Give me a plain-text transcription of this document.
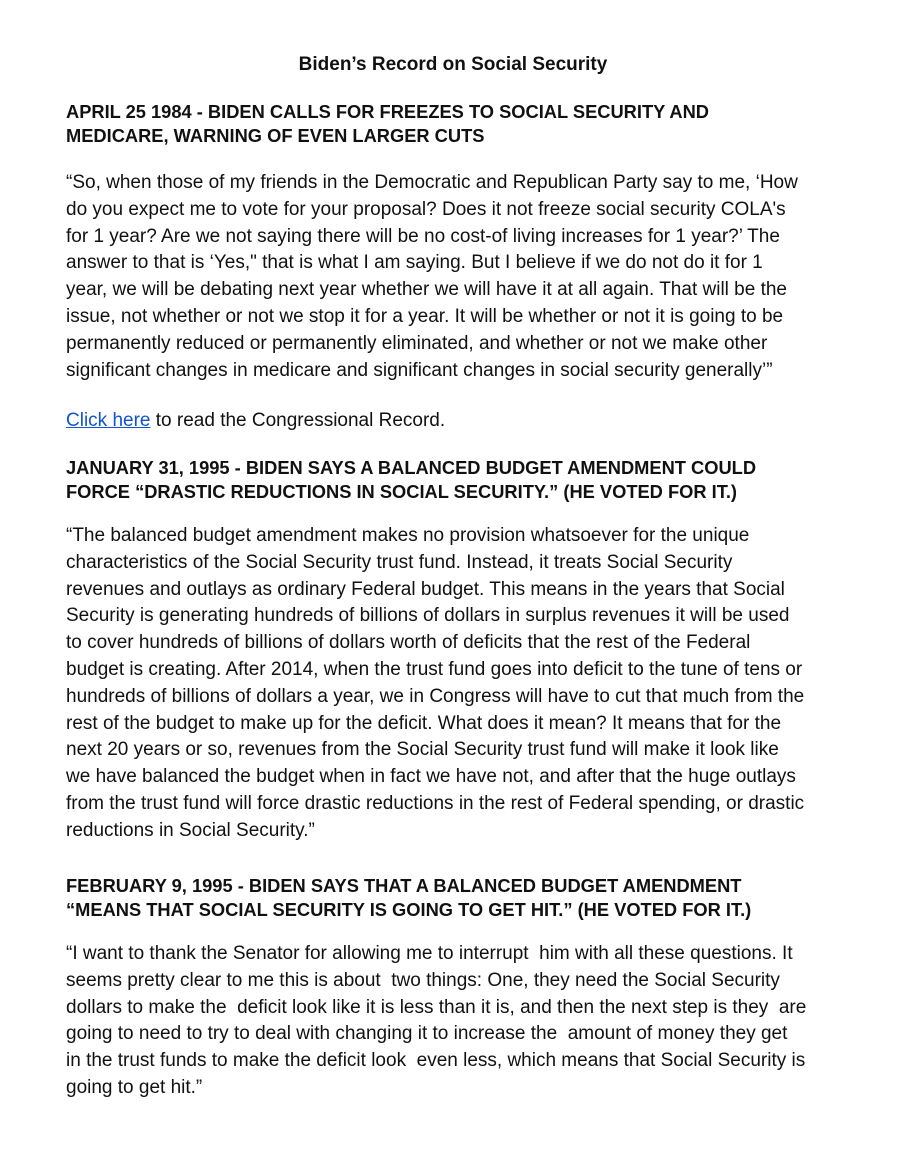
Biden’s Record on Social Security
APRIL 25 1984 - BIDEN CALLS FOR FREEZES TO SOCIAL SECURITY AND
MEDICARE, WARNING OF EVEN LARGER CUTS
“So, when those of my friends in the Democratic and Republican Party say to me, ‘How
do you expect me to vote for your proposal? Does it not freeze social security COLA's
for 1 year? Are we not saying there will be no cost-of living increases for 1 year?’ The
answer to that is ‘Yes," that is what I am saying. But I believe if we do not do it for 1
year, we will be debating next year whether we will have it at all again. That will be the
issue, not whether or not we stop it for a year. It will be whether or not it is going to be
permanently reduced or permanently eliminated, and whether or not we make other
significant changes in medicare and significant changes in social security generally’”
Click here to read the Congressional Record.
JANUARY 31, 1995 - BIDEN SAYS A BALANCED BUDGET AMENDMENT COULD
FORCE “DRASTIC REDUCTIONS IN SOCIAL SECURITY.” (HE VOTED FOR IT.)
“The balanced budget amendment makes no provision whatsoever for the unique
characteristics of the Social Security trust fund. Instead, it treats Social Security
revenues and outlays as ordinary Federal budget. This means in the years that Social
Security is generating hundreds of billions of dollars in surplus revenues it will be used
to cover hundreds of billions of dollars worth of deficits that the rest of the Federal
budget is creating. After 2014, when the trust fund goes into deficit to the tune of tens or
hundreds of billions of dollars a year, we in Congress will have to cut that much from the
rest of the budget to make up for the deficit. What does it mean? It means that for the
next 20 years or so, revenues from the Social Security trust fund will make it look like
we have balanced the budget when in fact we have not, and after that the huge outlays
from the trust fund will force drastic reductions in the rest of Federal spending, or drastic
reductions in Social Security.”
FEBRUARY 9, 1995 - BIDEN SAYS THAT A BALANCED BUDGET AMENDMENT
“MEANS THAT SOCIAL SECURITY IS GOING TO GET HIT.” (HE VOTED FOR IT.)
“I want to thank the Senator for allowing me to interrupt  him with all these questions. It
seems pretty clear to me this is about  two things: One, they need the Social Security
dollars to make the  deficit look like it is less than it is, and then the next step is they  are
going to need to try to deal with changing it to increase the  amount of money they get
in the trust funds to make the deficit look  even less, which means that Social Security is
going to get hit.”
